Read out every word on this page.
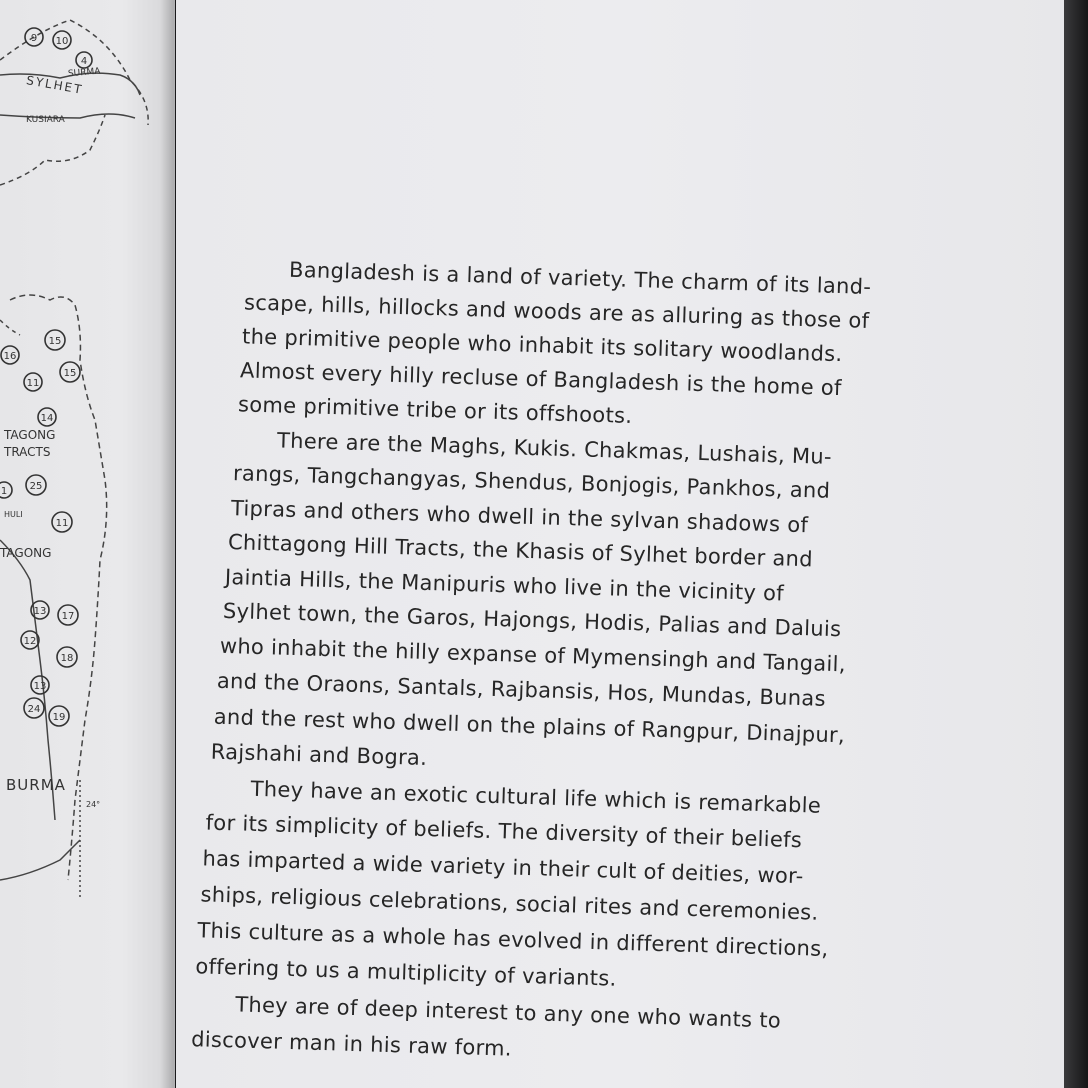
9 10
4
15
16
15
11
14
25
1
11
13 17
12
18
13
24
19
SURMA
SYLHET
KUSIARA
TAGONG
TRACTS
HULI
TAGONG
BURMA
24°
Bangladesh is a land of variety. The charm of its land-
scape, hills, hillocks and woods are as alluring as those of
the primitive people who inhabit its solitary woodlands.
Almost every hilly recluse of Bangladesh is the home of
some primitive tribe or its offshoots.
There are the Maghs, Kukis. Chakmas, Lushais, Mu-
rangs, Tangchangyas, Shendus, Bonjogis, Pankhos, and
Tipras and others who dwell in the sylvan shadows of
Chittagong Hill Tracts, the Khasis of Sylhet border and
Jaintia Hills, the Manipuris who live in the vicinity of
Sylhet town, the Garos, Hajongs, Hodis, Palias and Daluis
who inhabit the hilly expanse of Mymensingh and Tangail,
and the Oraons, Santals, Rajbansis, Hos, Mundas, Bunas
and the rest who dwell on the plains of Rangpur, Dinajpur,
Rajshahi and Bogra.
They have an exotic cultural life which is remarkable
for its simplicity of beliefs. The diversity of their beliefs
has imparted a wide variety in their cult of deities, wor-
ships, religious celebrations, social rites and ceremonies.
This culture as a whole has evolved in different directions,
offering to us a multiplicity of variants.
They are of deep interest to any one who wants to
discover man in his raw form.
